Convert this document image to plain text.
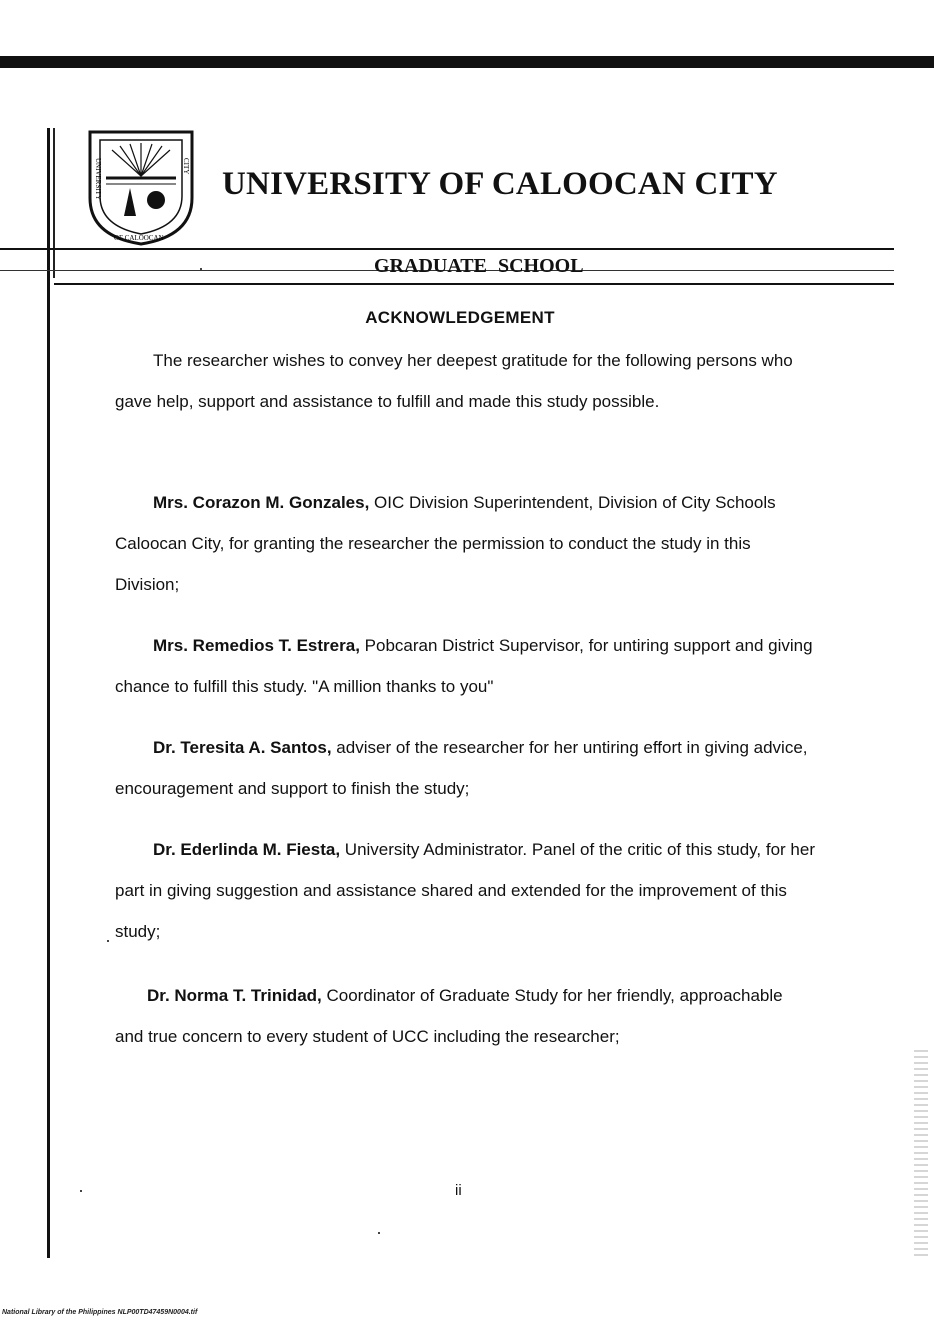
UNIVERSITY
OF CALOOCAN
CITY UNIVERSITY OF CALOOCAN CITY
GRADUATE SCHOOL
ACKNOWLEDGEMENT

The researcher wishes to convey her deepest gratitude for the following persons who gave help, support and assistance to fulfill and made this study possible.

Mrs. Corazon M. Gonzales, OIC Division Superintendent, Division of City Schools Caloocan City, for granting the researcher the permission to conduct the study in this Division;

Mrs. Remedios T. Estrera, Pobcaran District Supervisor, for untiring support and giving chance to fulfill this study. "A million thanks to you"

Dr. Teresita A. Santos, adviser of the researcher for her untiring effort in giving advice, encouragement and support to finish the study;

Dr. Ederlinda M. Fiesta, University Administrator. Panel of the critic of this study, for her part in giving suggestion and assistance shared and extended for the improvement of this study;

Dr. Norma T. Trinidad, Coordinator of Graduate Study for her friendly, approachable and true concern to every student of UCC including the researcher;

ii
National Library of the Philippines NLP00TD47459N0004.tif
